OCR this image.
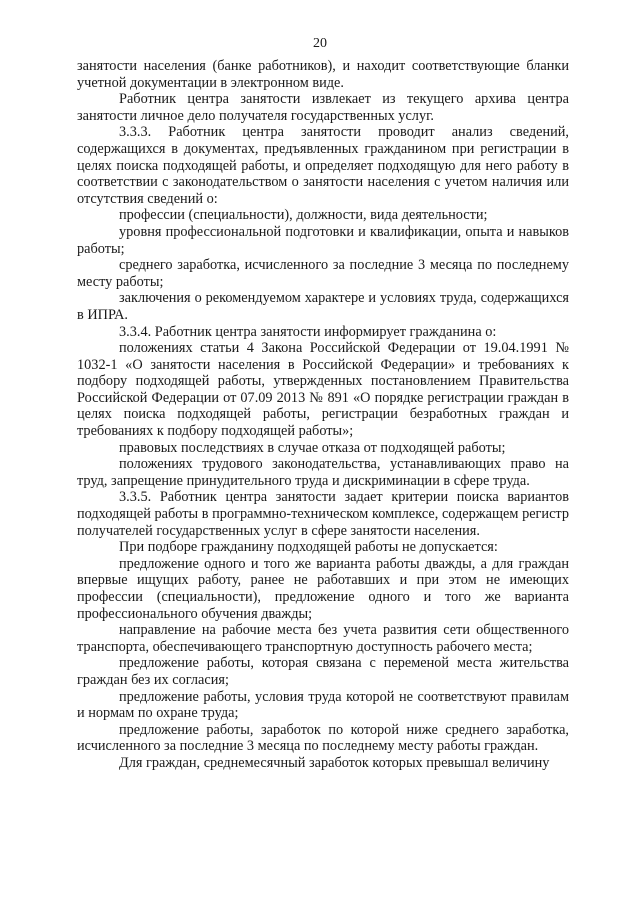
20

занятости населения (банке работников), и находит соответствующие бланки учетной документации в электронном виде.

Работник центра занятости извлекает из текущего архива центра занятости личное дело получателя государственных услуг.

3.3.3. Работник центра занятости проводит анализ сведений, содержащихся в документах, предъявленных гражданином при регистрации в целях поиска подходящей работы, и определяет подходящую для него работу в соответствии с законодательством о занятости населения с учетом наличия или отсутствия сведений о:

профессии (специальности), должности, вида деятельности;

уровня профессиональной подготовки и квалификации, опыта и навыков работы;

среднего заработка, исчисленного за последние 3 месяца по последнему месту работы;

заключения о рекомендуемом характере и условиях труда, содержащихся в ИПРА.

3.3.4. Работник центра занятости информирует гражданина о:

положениях статьи 4 Закона Российской Федерации от 19.04.1991 № 1032-1 «О занятости населения в Российской Федерации» и требованиях к подбору подходящей работы, утвержденных постановлением Правительства Российской Федерации от 07.09 2013 № 891 «О порядке регистрации граждан в целях поиска подходящей работы, регистрации безработных граждан и требованиях к подбору подходящей работы»;

правовых последствиях в случае отказа от подходящей работы;

положениях трудового законодательства, устанавливающих право на труд, запрещение принудительного труда и дискриминации в сфере труда.

3.3.5. Работник центра занятости задает критерии поиска вариантов подходящей работы в программно-техническом комплексе, содержащем регистр получателей государственных услуг в сфере занятости населения.

При подборе гражданину подходящей работы не допускается:

предложение одного и того же варианта работы дважды, а для граждан впервые ищущих работу, ранее не работавших и при этом не имеющих профессии (специальности), предложение одного и того же варианта профессионального обучения дважды;

направление на рабочие места без учета развития сети общественного транспорта, обеспечивающего транспортную доступность рабочего места;

предложение работы, которая связана с переменой места жительства граждан без их согласия;

предложение работы, условия труда которой не соответствуют правилам и нормам по охране труда;

предложение работы, заработок по которой ниже среднего заработка, исчисленного за последние 3 месяца по последнему месту работы граждан.

Для граждан, среднемесячный заработок которых превышал величину
